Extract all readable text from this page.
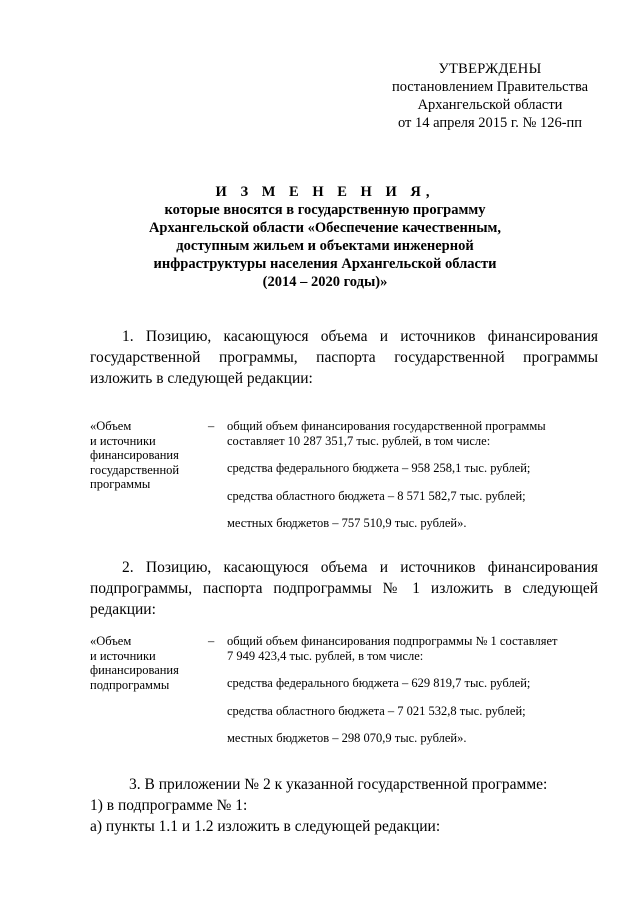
УТВЕРЖДЕНЫ
постановлением Правительства
Архангельской области
от 14 апреля 2015 г. № 126-пп
И З М Е Н Е Н И Я,
которые вносятся в государственную программу
Архангельской области «Обеспечение качественным,
доступным жильем и объектами инженерной
инфраструктуры населения Архангельской области
(2014 – 2020 годы)»

1. Позицию, касающуюся объема и источников финансирования государственной программы, паспорта государственной программы изложить в следующей редакции:

«Объем
и источники
финансирования
государственной
программы
–	общий объем финансирования государственной программы
составляет 10 287 351,7 тыс. рублей, в том числе:
средства федерального бюджета – 958 258,1 тыс. рублей;
средства областного бюджета – 8 571 582,7 тыс. рублей;
местных бюджетов – 757 510,9 тыс. рублей».

2. Позицию, касающуюся объема и источников финансирования подпрограммы, паспорта подпрограммы № 1 изложить в следующей редакции:

«Объем
и источники
финансирования
подпрограммы
–	общий объем финансирования подпрограммы № 1 составляет
7 949 423,4 тыс. рублей, в том числе:
средства федерального бюджета – 629 819,7 тыс. рублей;
средства областного бюджета – 7 021 532,8 тыс. рублей;
местных бюджетов – 298 070,9 тыс. рублей».
3. В приложении № 2 к указанной государственной программе:
1) в подпрограмме № 1:
а) пункты 1.1 и 1.2 изложить в следующей редакции:
